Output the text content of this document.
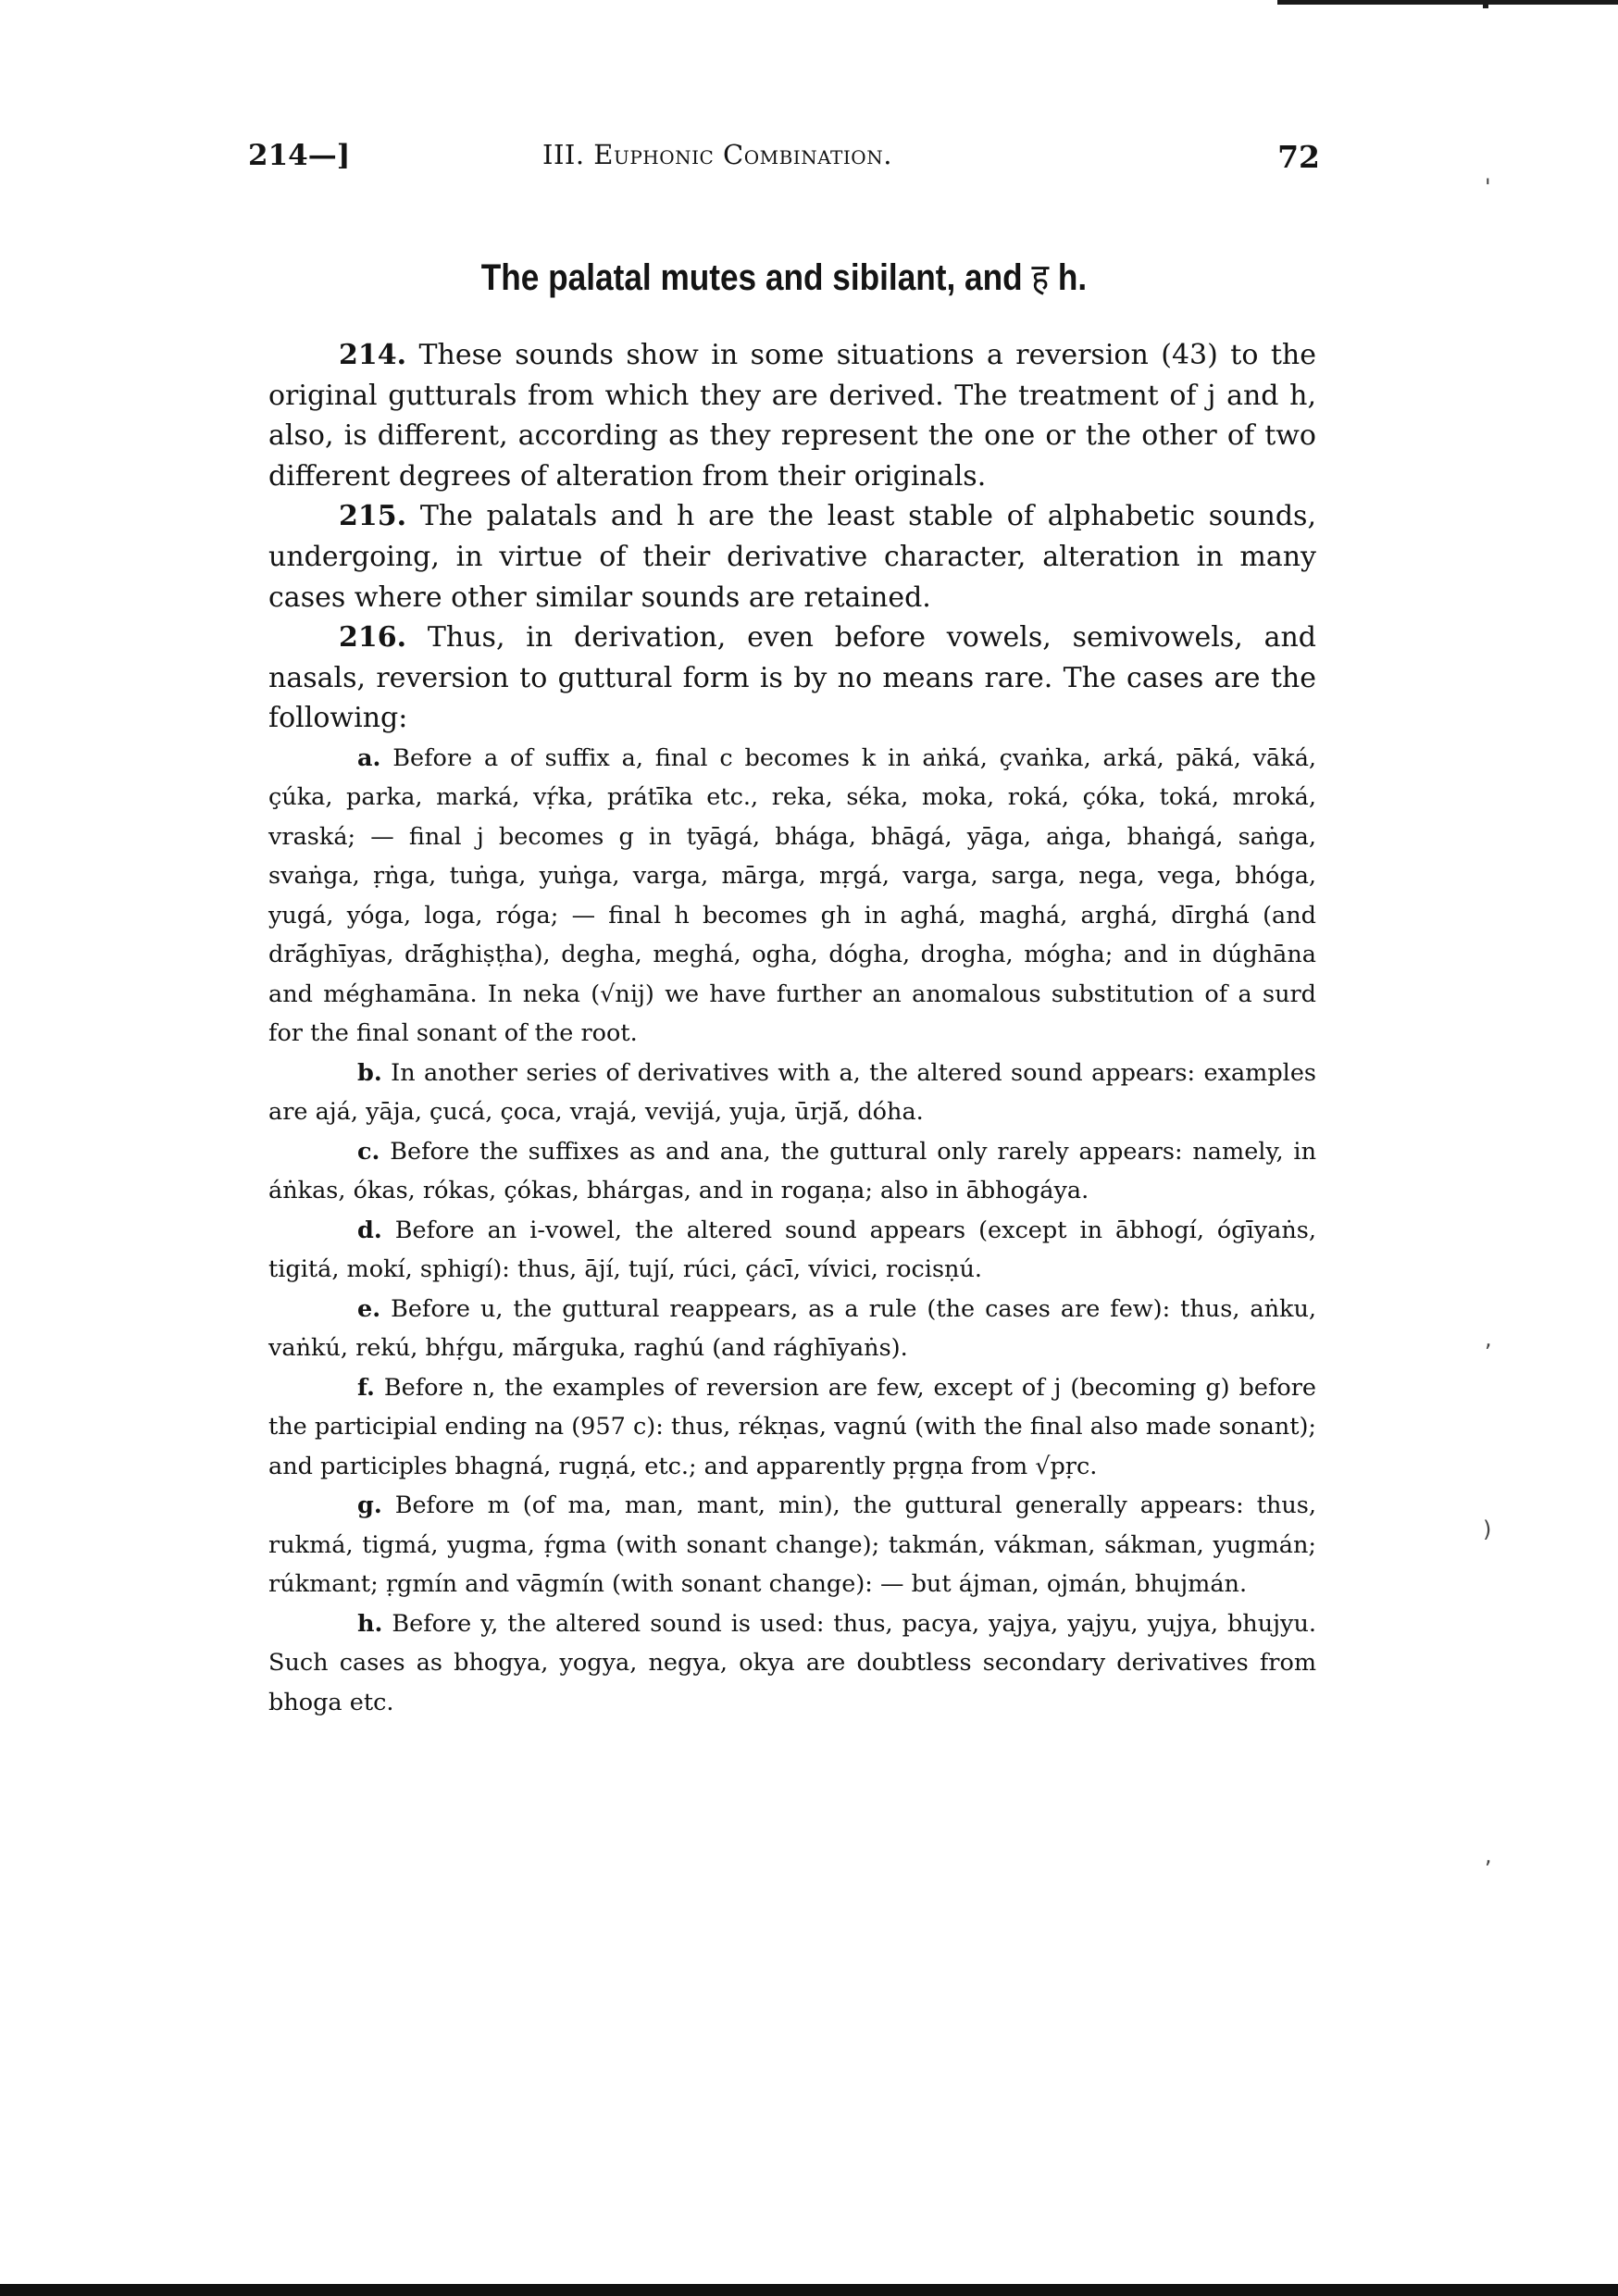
214—]	III. Euphonic Combination.	72
The palatal mutes and sibilant, and ह h.

214. These sounds show in some situations a reversion (43) to the original gutturals from which they are derived. The treatment of j and h, also, is different, according as they represent the one or the other of two different degrees of alteration from their originals.

215. The palatals and h are the least stable of alphabetic sounds, undergoing, in virtue of their derivative character, alteration in many cases where other similar sounds are retained.

216. Thus, in derivation, even before vowels, semivowels, and nasals, reversion to guttural form is by no means rare. The cases are the following:

a. Before a of suffix a, final c becomes k in aṅká, çvaṅka, arká, pāká, vāká, çúka, parka, marká, vṛ́ka, prátīka etc., reka, séka, moka, roká, çóka, toká, mroká, vraská; — final j becomes g in tyāgá, bhága, bhāgá, yāga, aṅga, bhaṅgá, saṅga, svaṅga, ṛṅga, tuṅga, yuṅga, varga, mārga, mṛgá, varga, sarga, nega, vega, bhóga, yugá, yóga, loga, róga; — final h becomes gh in aghá, maghá, arghá, dīrghá (and drā́ghīyas, drā́ghiṣṭha), degha, meghá, ogha, dógha, drogha, mógha; and in dúghāna and méghamāna. In neka (√nij) we have further an anomalous substitution of a surd for the final sonant of the root.

b. In another series of derivatives with a, the altered sound appears: examples are ajá, yāja, çucá, çoca, vrajá, vevijá, yuja, ūrjā́, dóha.

c. Before the suffixes as and ana, the guttural only rarely appears: namely, in áṅkas, ókas, rókas, çókas, bhárgas, and in rogaṇa; also in ābhogáya.

d. Before an i-vowel, the altered sound appears (except in ābhogí, ógīyaṅs, tigitá, mokí, sphigí): thus, ājí, tují, rúci, çácī, vívici, rocisṇú.

e. Before u, the guttural reappears, as a rule (the cases are few): thus, aṅku, vaṅkú, rekú, bhṛ́gu, mā́rguka, raghú (and rághīyaṅs).

f. Before n, the examples of reversion are few, except of j (becoming g) before the participial ending na (957 c): thus, rékṇas, vagnú (with the final also made sonant); and participles bhagná, rugṇá, etc.; and apparently pṛgṇa from √pṛc.

g. Before m (of ma, man, mant, min), the guttural generally appears: thus, rukmá, tigmá, yugma, ṛ́gma (with sonant change); takmán, vákman, sákman, yugmán; rúkmant; ṛgmín and vāgmín (with sonant change): — but ájman, ojmán, bhujmán.

h. Before y, the altered sound is used: thus, pacya, yajya, yajyu, yujya, bhujyu. Such cases as bhogya, yogya, negya, okya are doubtless secondary derivatives from bhoga etc.

'
,
)
,
